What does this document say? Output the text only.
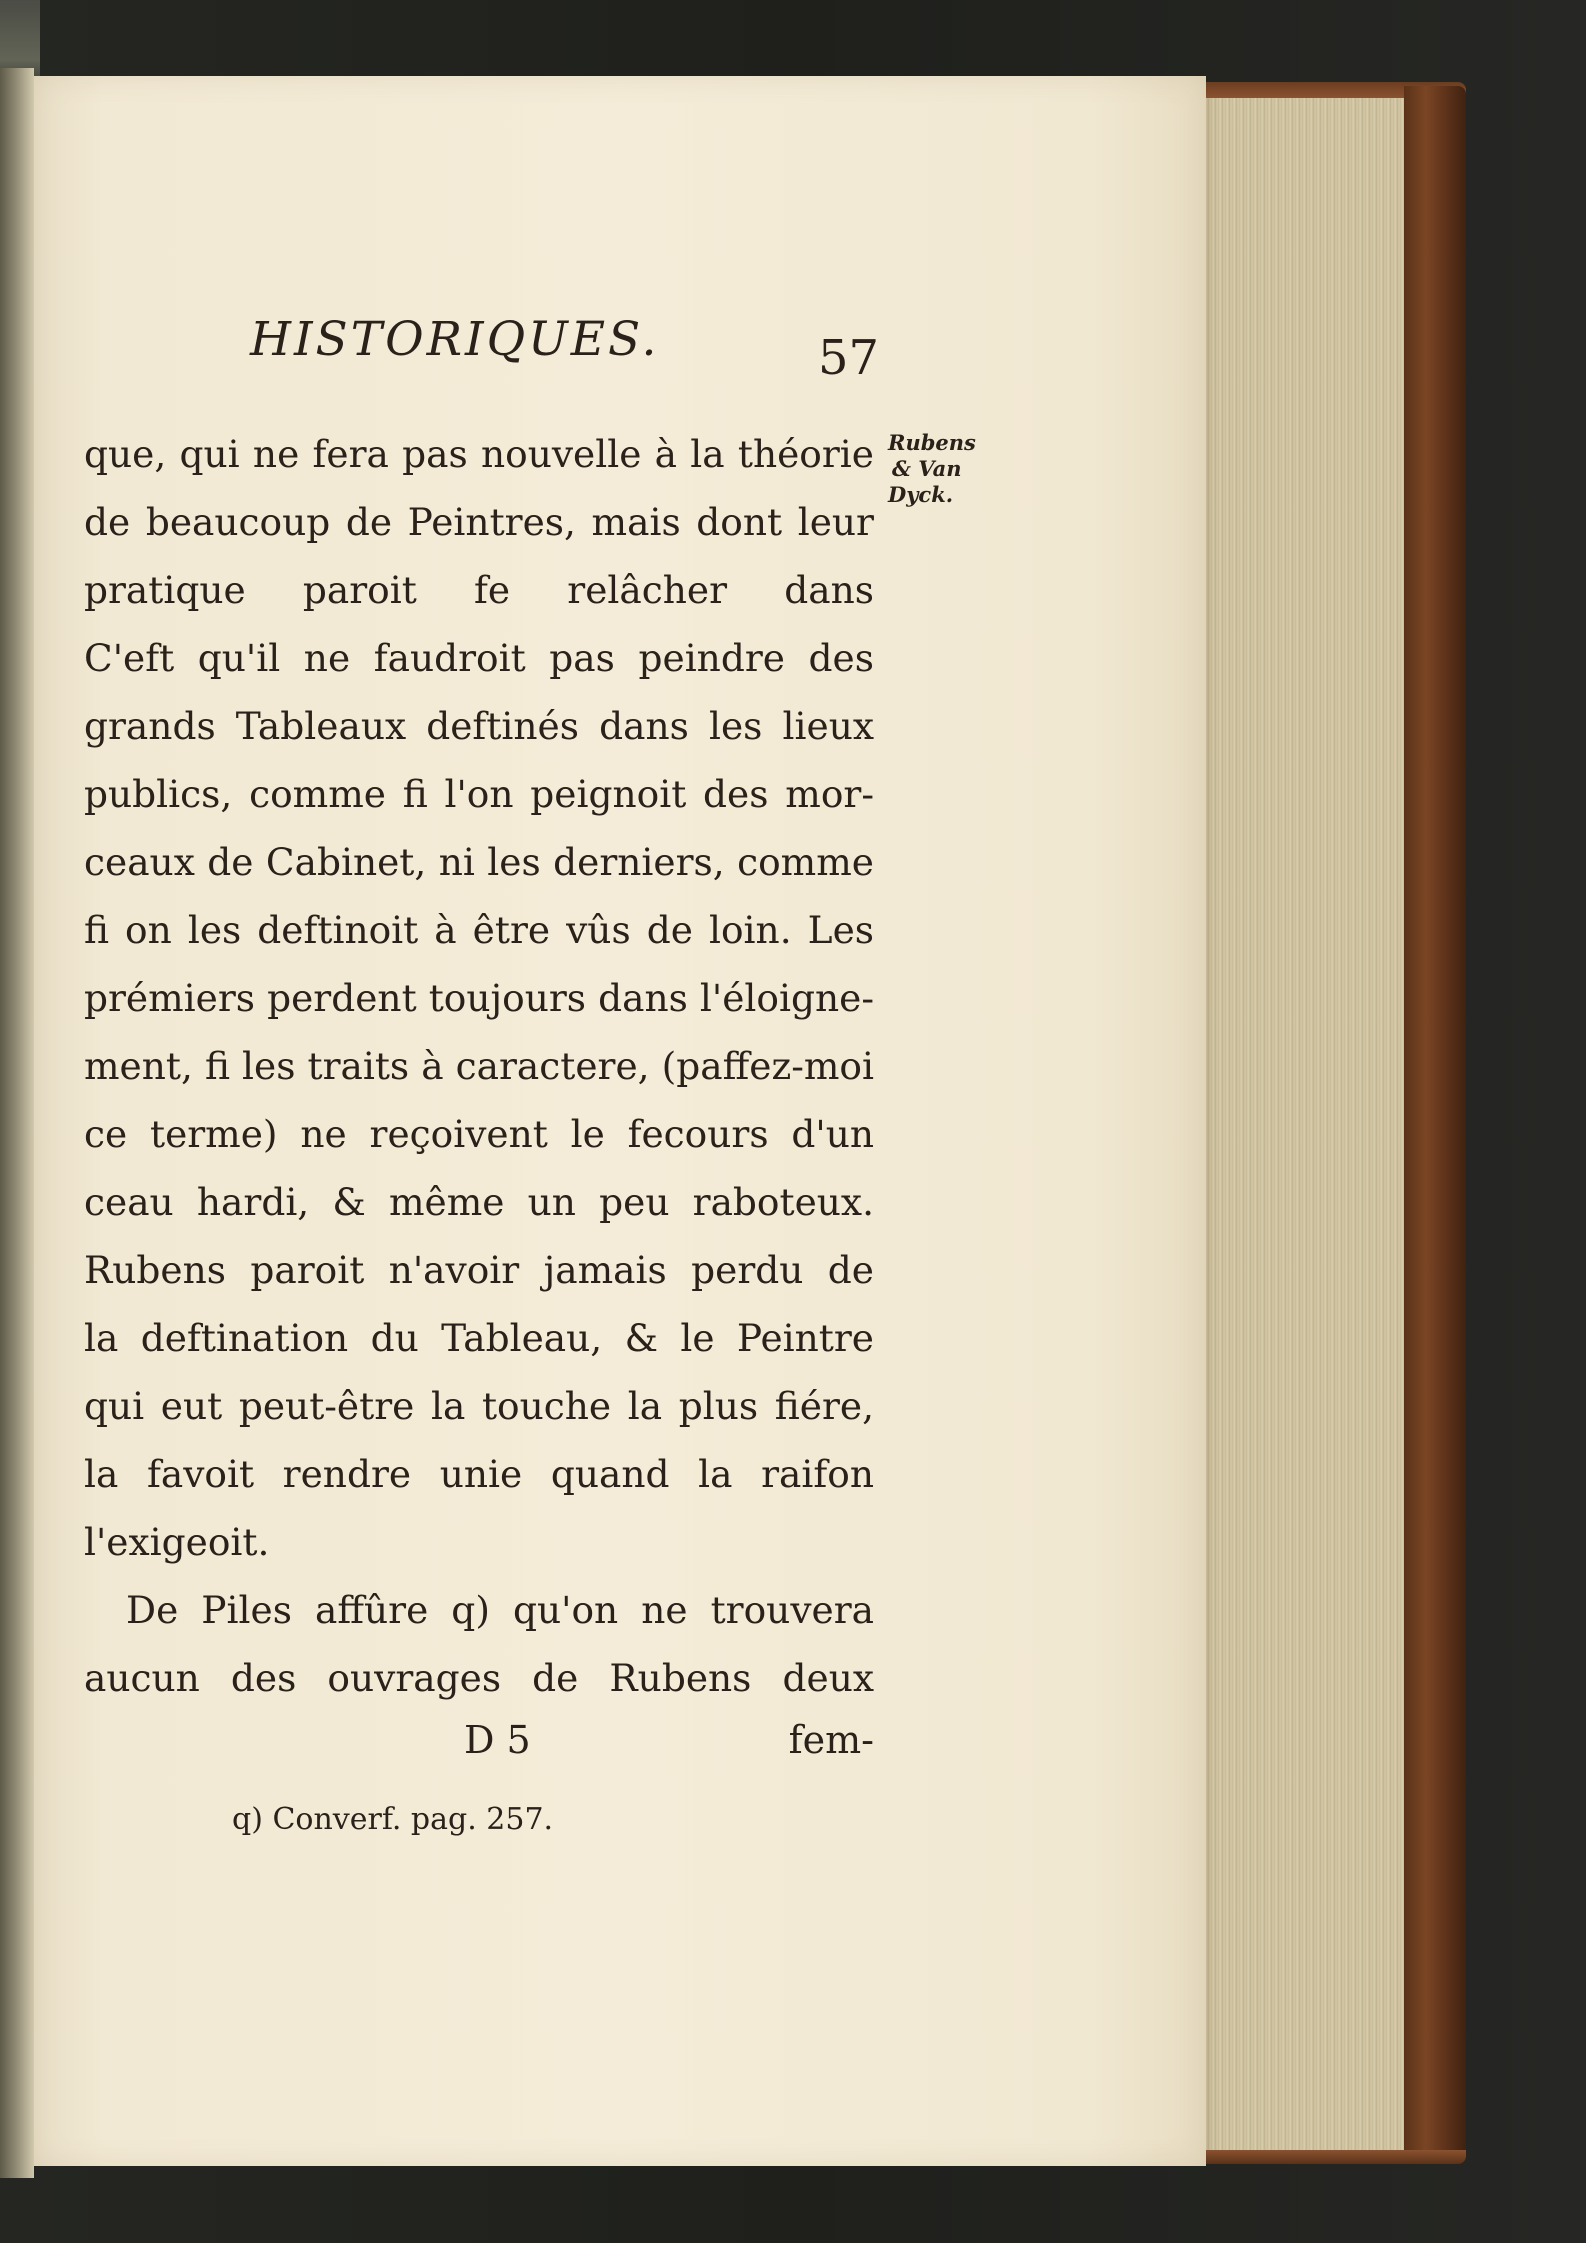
HISTORIQUES.	57
Rubens
& Van
Dyck.
que, qui ne fera pas nouvelle à la théorie
de beaucoup de Peintres, mais dont leur
pratique paroit fe relâcher dans
C'eft qu'il ne faudroit pas peindre des
grands Tableaux deftinés dans les lieux
publics, comme fi l'on peignoit des mor-
ceaux de Cabinet, ni les derniers, comme
fi on les deftinoit à être vûs de loin. Les
prémiers perdent toujours dans l'éloigne-
ment, fi les traits à caractere, (paffez-moi
ce terme) ne reçoivent le fecours d'un
ceau hardi, & même un peu raboteux.
Rubens paroit n'avoir jamais perdu de
la deftination du Tableau, & le Peintre
qui eut peut-être la touche la plus fiére,
la favoit rendre unie quand la raifon
l'exigeoit.
De Piles affûre q) qu'on ne trouvera
aucun des ouvrages de Rubens deux
D 5	fem-
q) Converf. pag. 257.
